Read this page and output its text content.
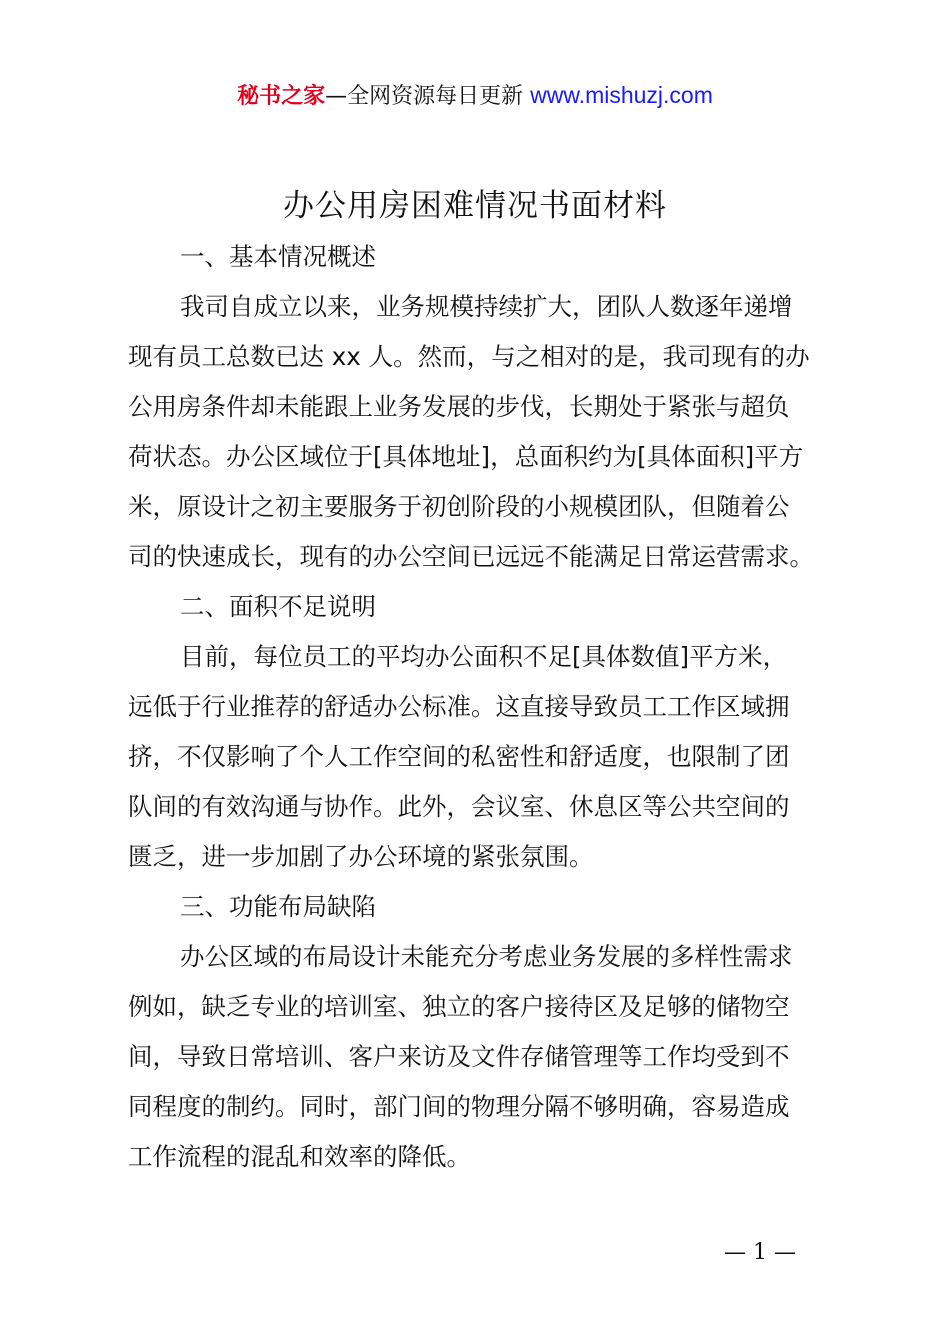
秘书之家—全网资源每日更新 www.mishuzj.com
办公用房困难情况书面材料
一、基本情况概述
我司自成立以来，业务规模持续扩大，团队人数逐年递增
现有员工总数已达 xx 人。然而，与之相对的是，我司现有的办
公用房条件却未能跟上业务发展的步伐，长期处于紧张与超负
荷状态。办公区域位于[具体地址]，总面积约为[具体面积]平方
米，原设计之初主要服务于初创阶段的小规模团队，但随着公
司的快速成长，现有的办公空间已远远不能满足日常运营需求。
二、面积不足说明
目前，每位员工的平均办公面积不足[具体数值]平方米，
远低于行业推荐的舒适办公标准。这直接导致员工工作区域拥
挤，不仅影响了个人工作空间的私密性和舒适度，也限制了团
队间的有效沟通与协作。此外，会议室、休息区等公共空间的
匮乏，进一步加剧了办公环境的紧张氛围。
三、功能布局缺陷
办公区域的布局设计未能充分考虑业务发展的多样性需求
例如，缺乏专业的培训室、独立的客户接待区及足够的储物空
间，导致日常培训、客户来访及文件存储管理等工作均受到不
同程度的制约。同时，部门间的物理分隔不够明确，容易造成
工作流程的混乱和效率的降低。
— 1 —
